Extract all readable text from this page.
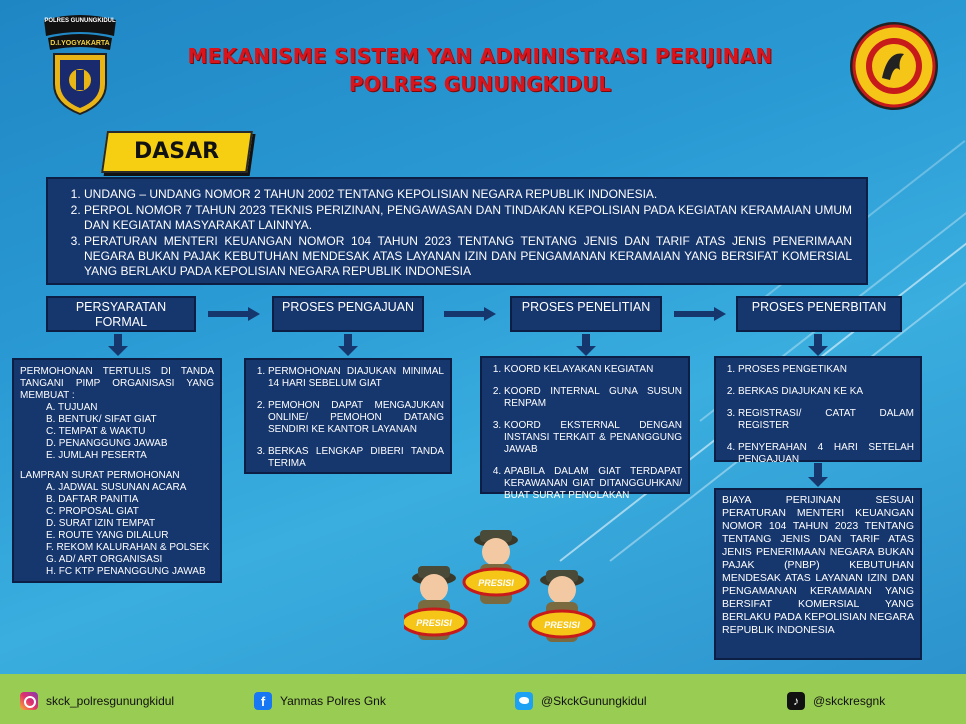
POLRES GUNUNGKIDUL
D.I.YOGYAKARTA
MEKANISME SISTEM YAN ADMINISTRASI PERIJINAN
POLRES GUNUNGKIDUL
DASAR
1. UNDANG – UNDANG NOMOR 2 TAHUN 2002 TENTANG KEPOLISIAN NEGARA REPUBLIK INDONESIA.
2. PERPOL NOMOR 7 TAHUN 2023 TEKNIS PERIZINAN, PENGAWASAN DAN TINDAKAN KEPOLISIAN PADA KEGIATAN KERAMAIAN UMUM DAN KEGIATAN MASYARAKAT LAINNYA.
3. PERATURAN MENTERI KEUANGAN NOMOR 104 TAHUN 2023 TENTANG TENTANG JENIS DAN TARIF ATAS JENIS PENERIMAAN NEGARA BUKAN PAJAK KEBUTUHAN MENDESAK ATAS LAYANAN IZIN DAN PENGAMANAN KERAMAIAN YANG BERSIFAT KOMERSIAL YANG BERLAKU PADA KEPOLISIAN NEGARA REPUBLIK INDONESIA
PERSYARATAN
FORMAL
PROSES PENGAJUAN	PROSES PENELITIAN	PROSES PENERBITAN
PERMOHONAN TERTULIS DI TANDA TANGANI PIMP ORGANISASI YANG MEMBUAT :
A. TUJUAN
B. BENTUK/ SIFAT GIAT
C. TEMPAT & WAKTU
D. PENANGGUNG JAWAB
E. JUMLAH PESERTA
LAMPRAN SURAT PERMOHONAN
A. JADWAL SUSUNAN ACARA
B. DAFTAR PANITIA
C. PROPOSAL GIAT
D. SURAT IZIN TEMPAT
E. ROUTE YANG DILALUR
F. REKOM KALURAHAN & POLSEK
G. AD/ ART ORGANISASI
H. FC KTP PENANGGUNG JAWAB
1. PERMOHONAN DIAJUKAN MINIMAL 14 HARI SEBELUM GIAT
2. PEMOHON DAPAT MENGAJUKAN ONLINE/ PEMOHON DATANG SENDIRI KE KANTOR LAYANAN
3. BERKAS LENGKAP DIBERI TANDA TERIMA
1. KOORD KELAYAKAN KEGIATAN
2. KOORD INTERNAL GUNA SUSUN RENPAM
3. KOORD EKSTERNAL DENGAN INSTANSI TERKAIT & PENANGGUNG JAWAB
4. APABILA DALAM GIAT TERDAPAT KERAWANAN GIAT DITANGGUHKAN/ BUAT SURAT PENOLAKAN
1. PROSES PENGETIKAN
2. BERKAS DIAJUKAN KE KA
3. REGISTRASI/ CATAT DALAM REGISTER
4. PENYERAHAN 4 HARI SETELAH PENGAJUAN
BIAYA PERIJINAN SESUAI PERATURAN MENTERI KEUANGAN NOMOR 104 TAHUN 2023 TENTANG TENTANG JENIS DAN TARIF ATAS JENIS PENERIMAAN NEGARA BUKAN PAJAK (PNBP) KEBUTUHAN MENDESAK ATAS LAYANAN IZIN DAN PENGAMANAN KERAMAIAN YANG BERSIFAT KOMERSIAL YANG BERLAKU PADA KEPOLISIAN NEGARA REPUBLIK INDONESIA
PRESISI
PRESISI
PRESISI
skck_polresgunungkidul	f	Yanmas Polres Gnk	@SkckGunungkidul	♪	@skckresgnk
